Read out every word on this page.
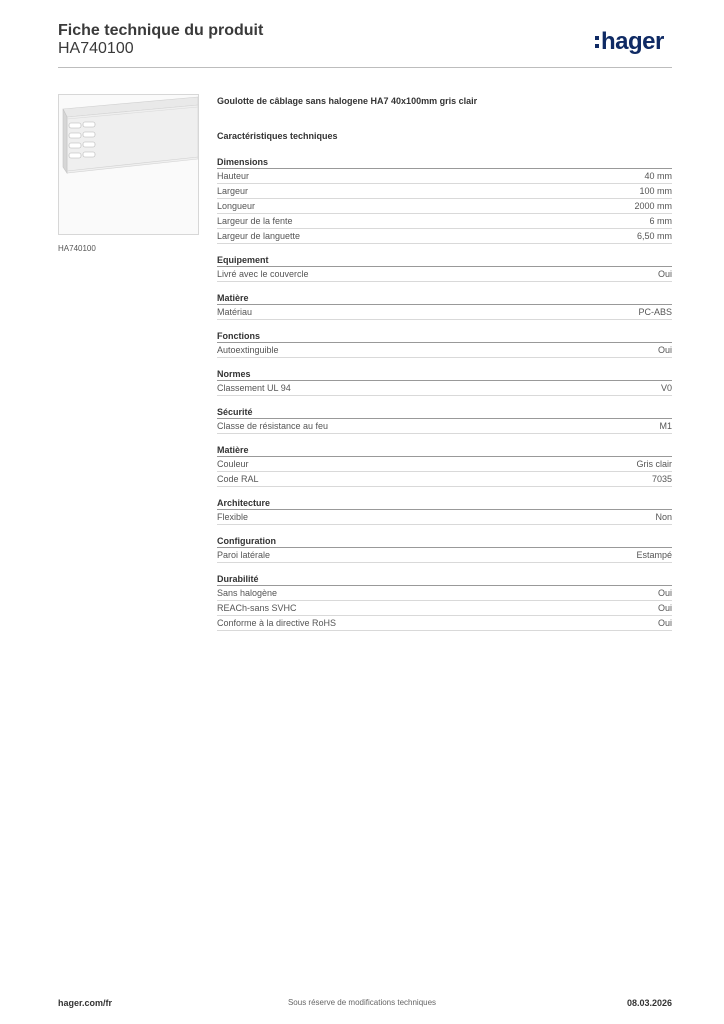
Fiche technique du produit
HA740100	hager
HA740100
Goulotte de câblage sans halogene HA7 40x100mm gris clair
Caractéristiques techniques
Dimensions
Hauteur	40 mm
Largeur	100 mm
Longueur	2000 mm
Largeur de la fente	6 mm
Largeur de languette	6,50 mm
Equipement
Livré avec le couvercle	Oui
Matière
Matériau	PC-ABS
Fonctions
Autoextinguible	Oui
Normes
Classement UL 94	V0
Sécurité
Classe de résistance au feu	M1
Matière
Couleur	Gris clair
Code RAL	7035
Architecture
Flexible	Non
Configuration
Paroi latérale	Estampé
Durabilité
Sans halogène	Oui
REACh-sans SVHC	Oui
Conforme à la directive RoHS	Oui
hager.com/fr	Sous réserve de modifications techniques	08.03.2026
